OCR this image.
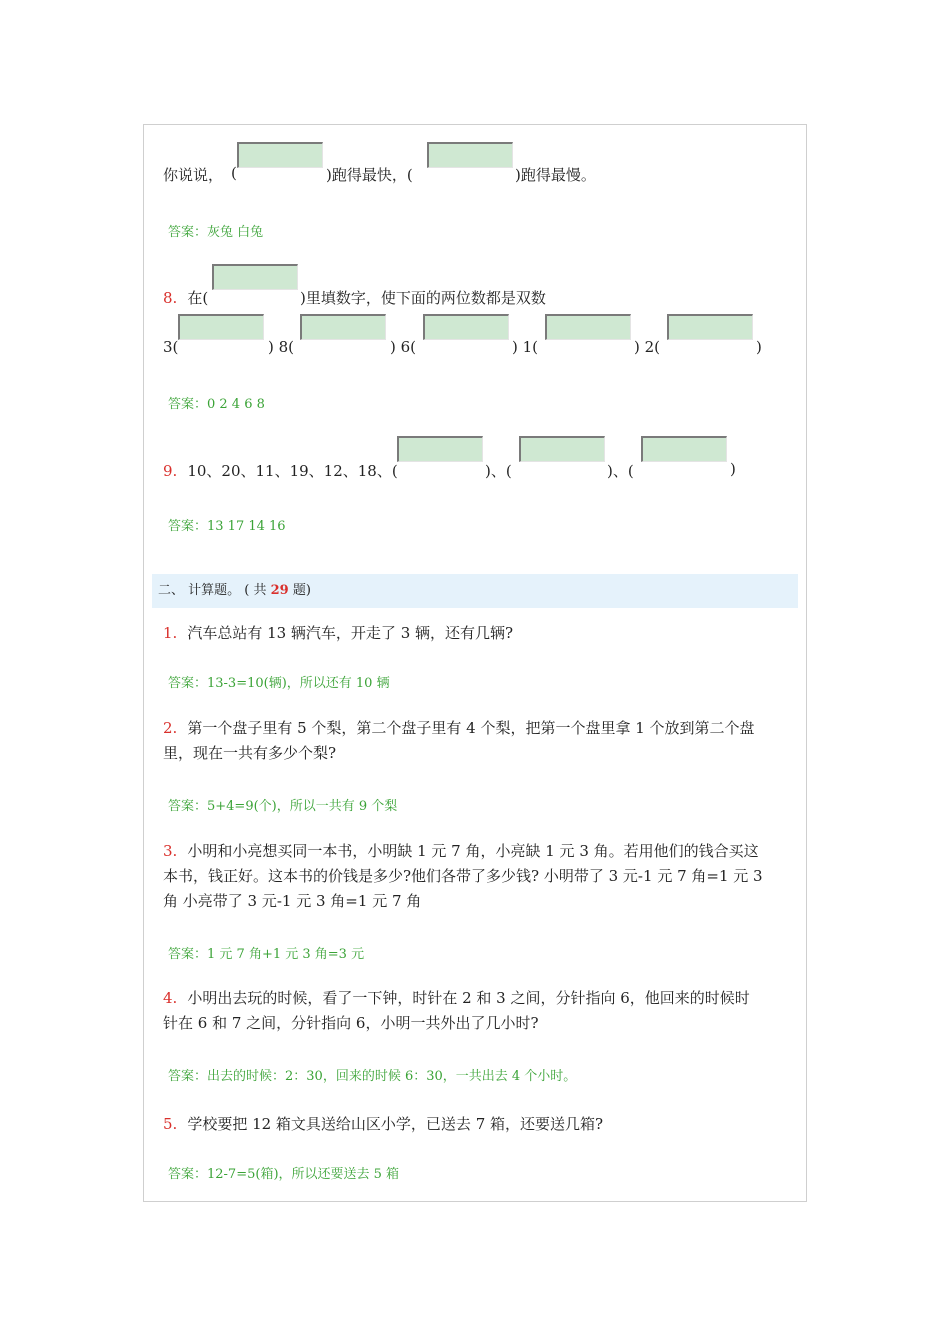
你说说， (	)跑得最快，(	)跑得最慢。
答案：灰兔 白兔
8. 在(	)里填数字，使下面的两位数都是双数
3(	) 8(	) 6(	) 1(	) 2(	)
答案：0 2 4 6 8
9. 10、20、11、19、12、18、(	)、(	)、(	)
答案：13 17 14 16
二、 计算题。 ( 共 29 题)
1. 汽车总站有 13 辆汽车，开走了 3 辆，还有几辆?
答案：13-3=10(辆)，所以还有 10 辆
2. 第一个盘子里有 5 个梨，第二个盘子里有 4 个梨，把第一个盘里拿 1 个放到第二个盘
里，现在一共有多少个梨?
答案：5+4=9(个)，所以一共有 9 个梨
3. 小明和小亮想买同一本书，小明缺 1 元 7 角，小亮缺 1 元 3 角。若用他们的钱合买这
本书，钱正好。这本书的价钱是多少?他们各带了多少钱? 小明带了 3 元-1 元 7 角=1 元 3
角 小亮带了 3 元-1 元 3 角=1 元 7 角
答案：1 元 7 角+1 元 3 角=3 元
4. 小明出去玩的时候，看了一下钟，时针在 2 和 3 之间，分针指向 6，他回来的时候时
针在 6 和 7 之间，分针指向 6，小明一共外出了几小时?
答案：出去的时候：2：30，回来的时候 6：30，一共出去 4 个小时。
5. 学校要把 12 箱文具送给山区小学，已送去 7 箱，还要送几箱?
答案：12-7=5(箱)，所以还要送去 5 箱
